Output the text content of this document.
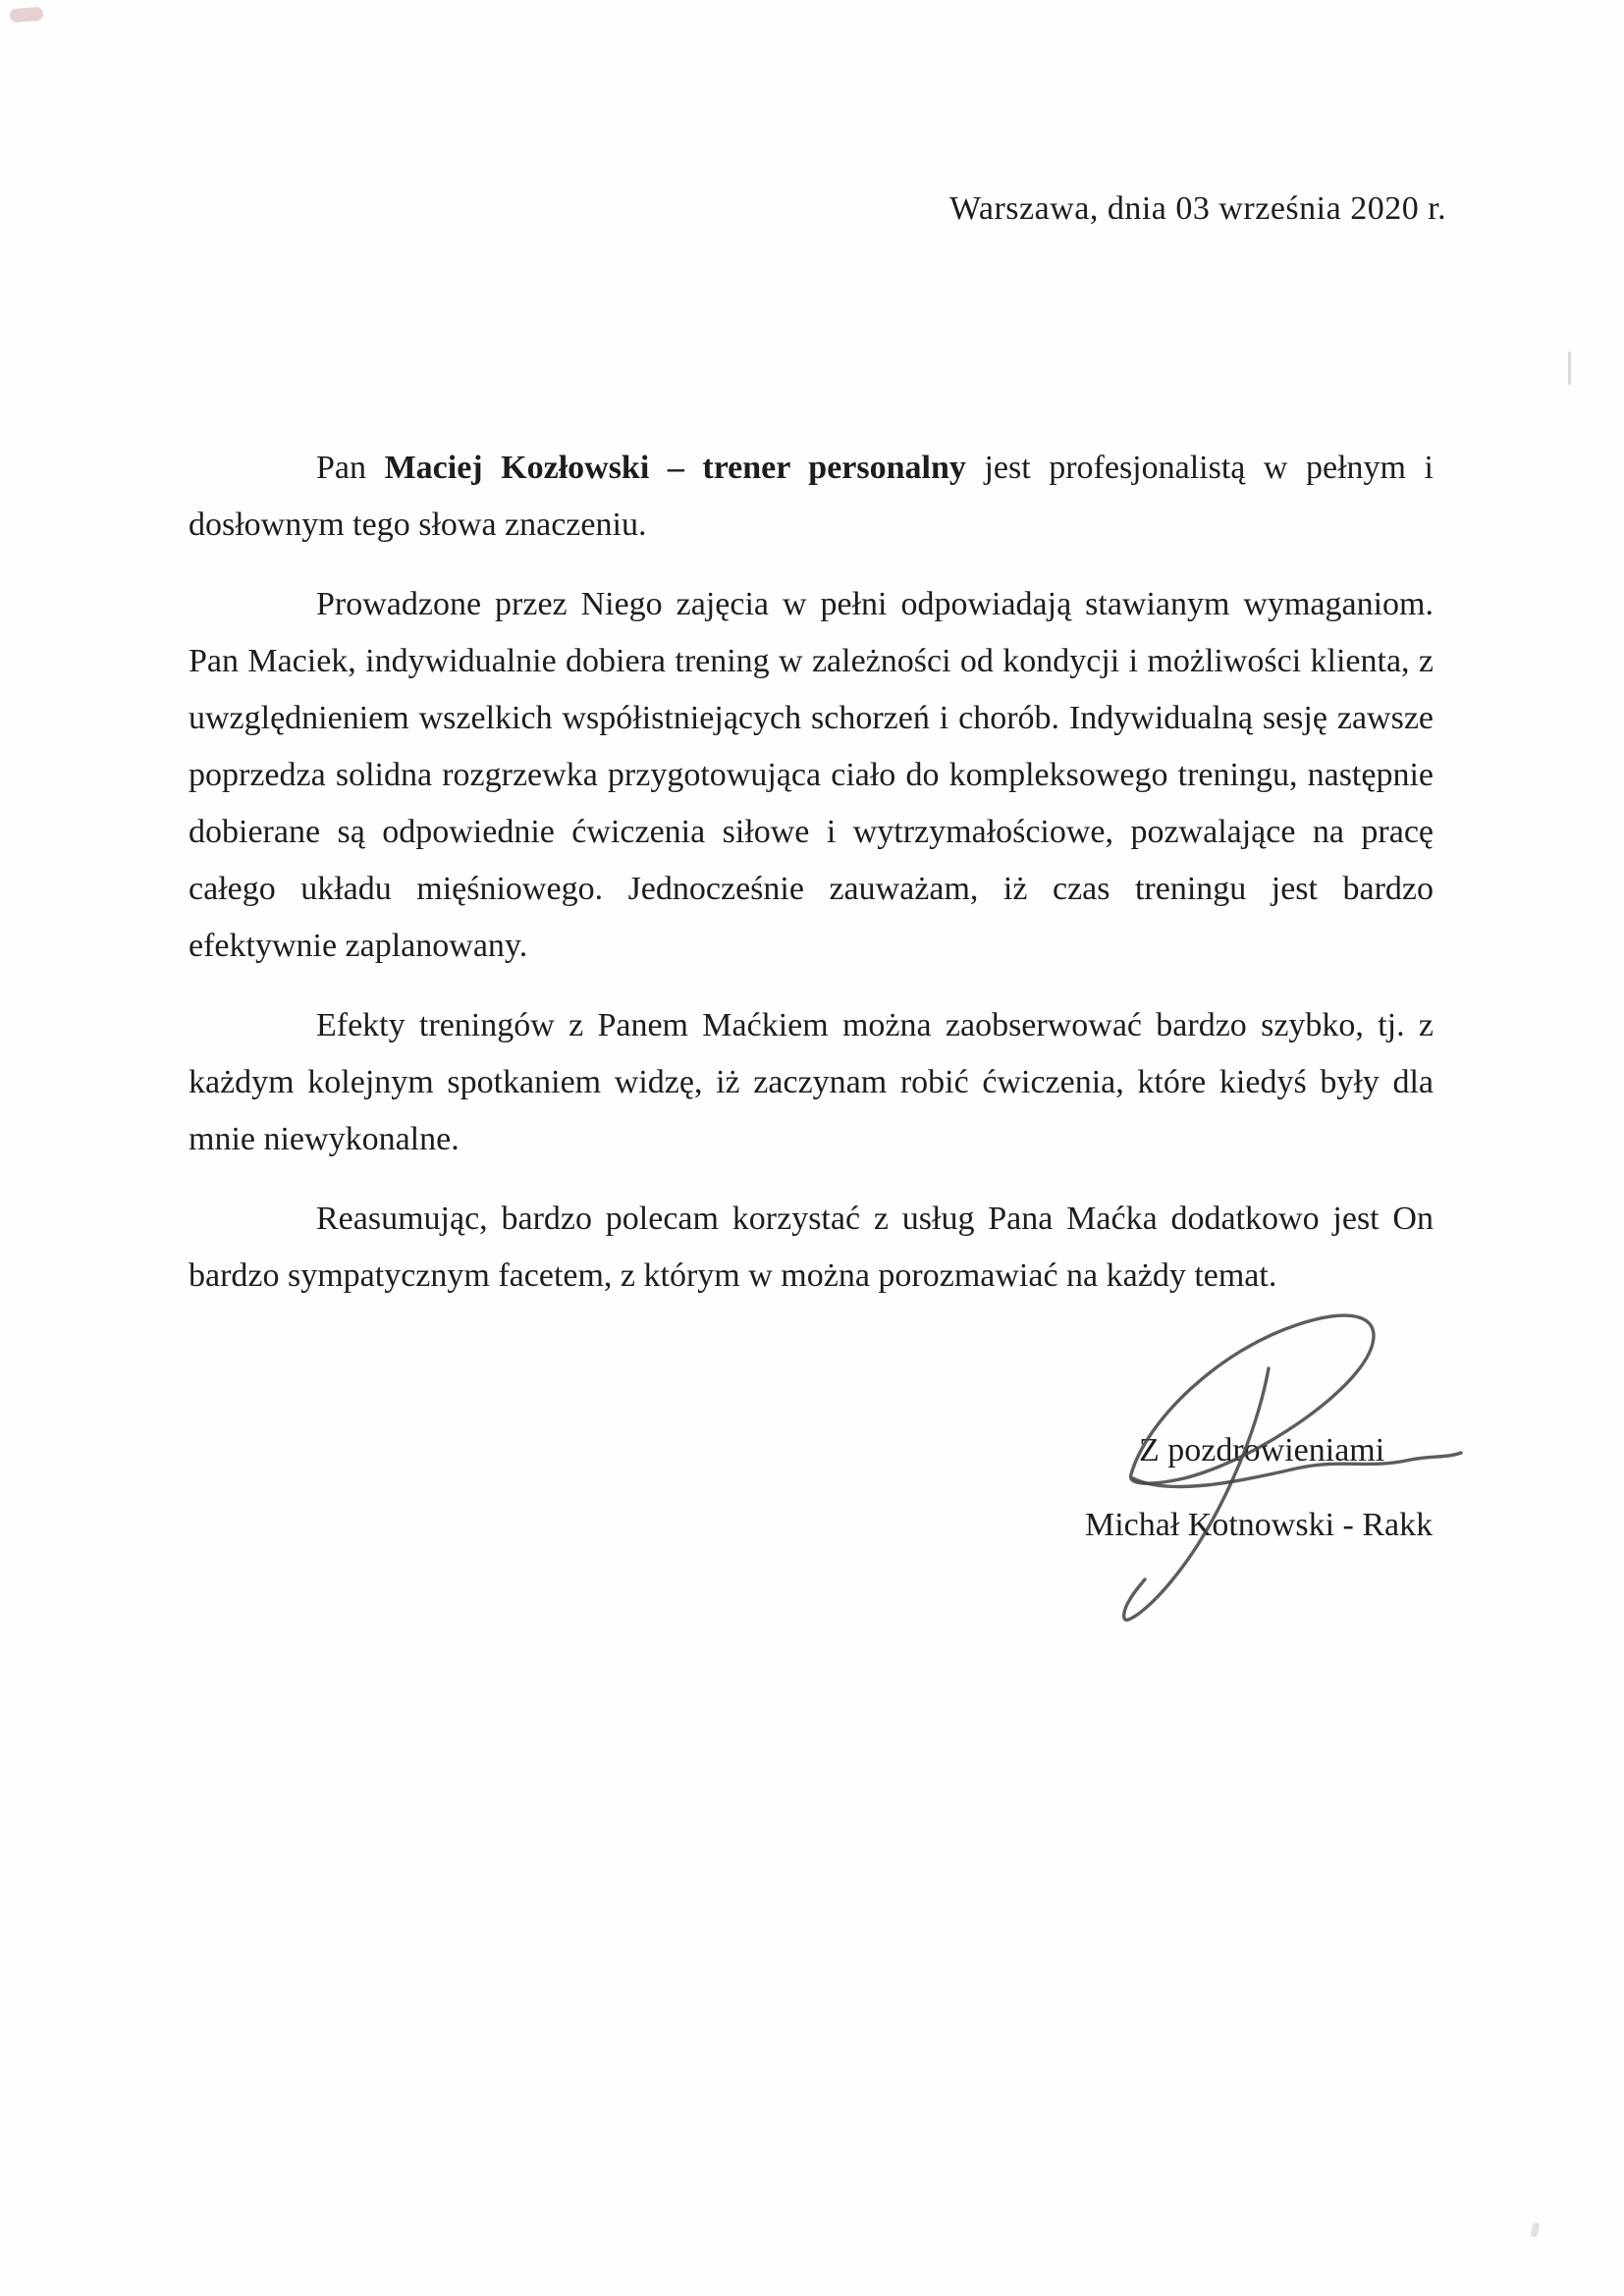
Warszawa, dnia 03 września 2020 r.

Pan Maciej Kozłowski – trener personalny jest profesjonalistą w pełnym i dosłownym tego słowa znaczeniu.

Prowadzone przez Niego zajęcia w pełni odpowiadają stawianym wymaganiom. Pan Maciek, indywidualnie dobiera trening w zależności od kondycji i możliwości klienta, z uwzględnieniem wszelkich współistniejących schorzeń i chorób. Indywidualną sesję zawsze poprzedza solidna rozgrzewka przygotowująca ciało do kompleksowego treningu, następnie dobierane są odpowiednie ćwiczenia siłowe i wytrzymałościowe, pozwalające na pracę całego układu mięśniowego. Jednocześnie zauważam, iż czas treningu jest bardzo efektywnie zaplanowany.

Efekty treningów z Panem Maćkiem można zaobserwować bardzo szybko, tj. z każdym kolejnym spotkaniem widzę, iż zaczynam robić ćwiczenia, które kiedyś były dla mnie niewykonalne.

Reasumując, bardzo polecam korzystać z usług Pana Maćka dodatkowo jest On bardzo sympatycznym facetem, z którym w można porozmawiać na każdy temat.

Z pozdrowieniami
Michał Kotnowski - Rakk
